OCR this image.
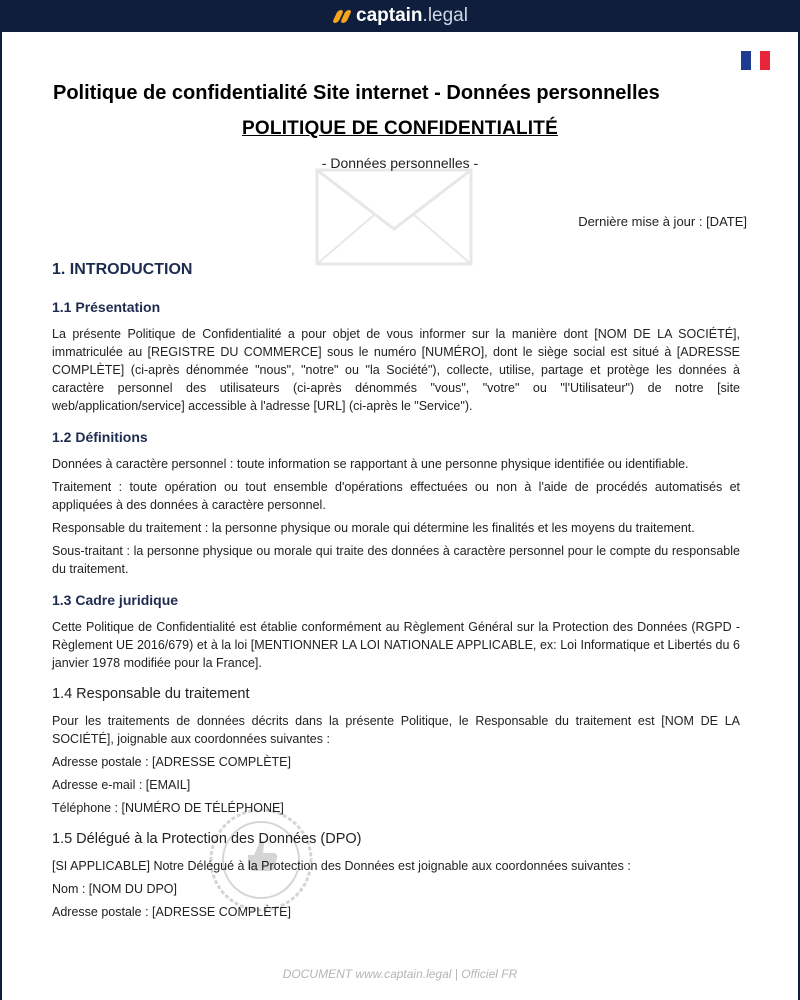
captain.legal
Politique de confidentialité Site internet - Données personnelles
POLITIQUE DE CONFIDENTIALITÉ
- Données personnelles -
Dernière mise à jour : [DATE]
1. INTRODUCTION
1.1 Présentation

La présente Politique de Confidentialité a pour objet de vous informer sur la manière dont [NOM DE LA SOCIÉTÉ], immatriculée au [REGISTRE DU COMMERCE] sous le numéro [NUMÉRO], dont le siège social est situé à [ADRESSE COMPLÈTE] (ci-après dénommée "nous", "notre" ou "la Société"), collecte, utilise, partage et protège les données à caractère personnel des utilisateurs (ci-après dénommés "vous", "votre" ou "l'Utilisateur") de notre [site web/application/service] accessible à l'adresse [URL] (ci-après le "Service").

1.2 Définitions

Données à caractère personnel : toute information se rapportant à une personne physique identifiée ou identifiable.

Traitement : toute opération ou tout ensemble d'opérations effectuées ou non à l'aide de procédés automatisés et appliquées à des données à caractère personnel.

Responsable du traitement : la personne physique ou morale qui détermine les finalités et les moyens du traitement.

Sous-traitant : la personne physique ou morale qui traite des données à caractère personnel pour le compte du responsable du traitement.

1.3 Cadre juridique

Cette Politique de Confidentialité est établie conformément au Règlement Général sur la Protection des Données (RGPD - Règlement UE 2016/679) et à la loi [MENTIONNER LA LOI NATIONALE APPLICABLE, ex: Loi Informatique et Libertés du 6 janvier 1978 modifiée pour la France].

1.4 Responsable du traitement

Pour les traitements de données décrits dans la présente Politique, le Responsable du traitement est [NOM DE LA SOCIÉTÉ], joignable aux coordonnées suivantes :

Adresse postale : [ADRESSE COMPLÈTE]
Adresse e-mail : [EMAIL]
Téléphone : [NUMÉRO DE TÉLÉPHONE]
1.5 Délégué à la Protection des Données (DPO)

[SI APPLICABLE] Notre Délégué à la Protection des Données est joignable aux coordonnées suivantes :

Nom : [NOM DU DPO]
Adresse postale : [ADRESSE COMPLÈTE]
DOCUMENT www.captain.legal | Officiel FR
